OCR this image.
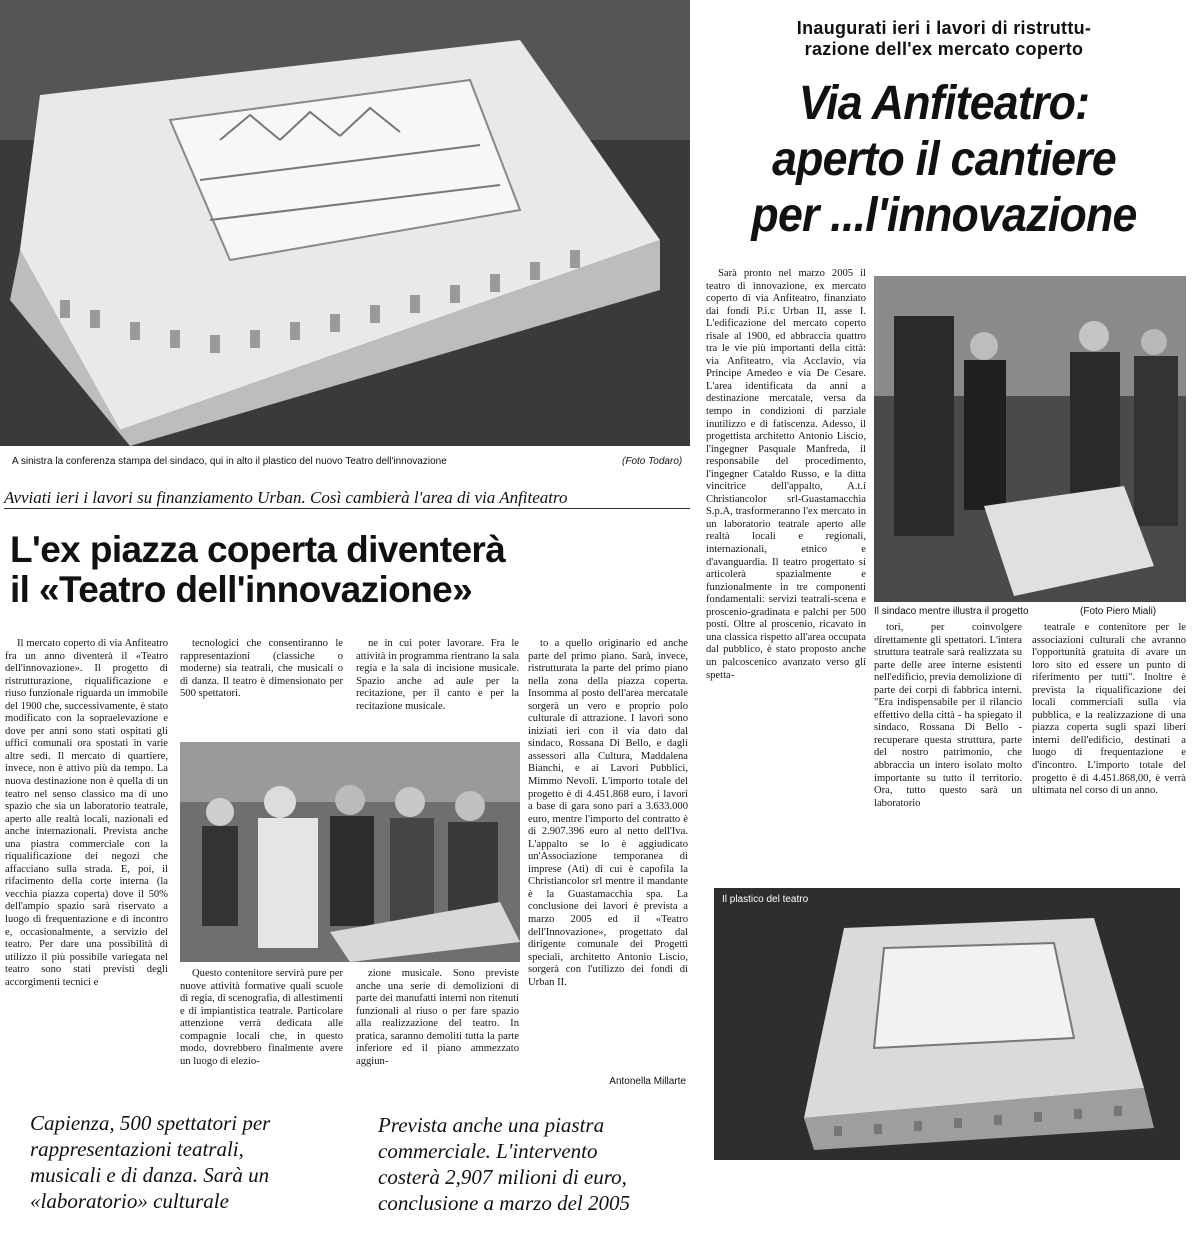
A sinistra la conferenza stampa del sindaco, qui in alto il plastico del nuovo Teatro dell'innovazione	(Foto Todaro)
Avviati ieri i lavori su finanziamento Urban. Così cambierà l'area di via Anfiteatro
L'ex piazza coperta diventerà
il «Teatro dell'innovazione»

Il mercato coperto di via Anfiteatro fra un anno diventerà il «Teatro dell'innovazione». Il progetto di ristrutturazione, riqualificazione e riuso funzionale riguarda un immobile del 1900 che, successivamente, è stato modificato con la sopraelevazione e dove per anni sono stati ospitati gli uffici comunali ora spostati in varie altre sedi. Il mercato di quartiere, invece, non è attivo più da tempo. La nuova destinazione non è quella di un teatro nel senso classico ma di uno spazio che sia un laboratorio teatrale, aperto alle realtà locali, nazionali ed anche internazionali. Prevista anche una piastra commerciale con la riqualificazione dei negozi che affacciano sulla strada. E, poi, il rifacimento della corte interna (la vecchia piazza coperta) dove il 50% dell'ampio spazio sarà riservato a luogo di frequentazione e di incontro e, occasionalmente, a servizio del teatro. Per dare una possibilità di utilizzo il più possibile variegata nel teatro sono stati previsti degli accorgimenti tecnici e

tecnologici che consentiranno le rappresentazioni (classiche o moderne) sia teatrali, che musicali o di danza. Il teatro è dimensionato per 500 spettatori.

ne in cui poter lavorare. Fra le attività in programma rientrano la sala regia e la sala di incisione musicale. Spazio anche ad aule per la recitazione, per il canto e per la recitazione musicale.

to a quello originario ed anche parte del primo piano. Sarà, invece, ristrutturata la parte del primo piano nella zona della piazza coperta. Insomma al posto dell'area mercatale sorgerà un vero e proprio polo culturale di attrazione. I lavori sono iniziati ieri con il via dato dal sindaco, Rossana Di Bello, e dagli assessori alla Cultura, Maddalena Bianchi, e ai Lavori Pubblici, Mimmo Nevoli. L'importo totale del progetto è di 4.451.868 euro, i lavori a base di gara sono pari a 3.633.000 euro, mentre l'importo del contratto è di 2.907.396 euro al netto dell'Iva. L'appalto se lo è aggiudicato un'Associazione temporanea di imprese (Ati) di cui è capofila la Christiancolor srl mentre il mandante è la Guastamacchia spa. La conclusione dei lavori è prevista a marzo 2005 ed il «Teatro dell'Innovazione», progettato dal dirigente comunale dei Progetti speciali, architetto Antonio Liscio, sorgerà con l'utilizzo dei fondi di Urban II.

Questo contenitore servirà pure per nuove attività formative quali scuole di regia, di scenografia, di allestimenti e di impiantistica teatrale. Particolare attenzione verrà dedicata alle compagnie locali che, in questo modo, dovrebbero finalmente avere un luogo di elezio-

zione musicale. Sono previste anche una serie di demolizioni di parte dei manufatti interni non ritenuti funzionali al riuso o per fare spazio alla realizzazione del teatro. In pratica, saranno demoliti tutta la parte inferiore ed il piano ammezzato aggiun-

Antonella Millarte
Inaugurati ieri i lavori di ristruttu-
razione dell'ex mercato coperto
Via Anfiteatro:
aperto il cantiere
per ...l'innovazione

Sarà pronto nel marzo 2005 il teatro di innovazione, ex mercato coperto di via Anfiteatro, finanziato dai fondi P.i.c Urban II, asse I. L'edificazione del mercato coperto risale al 1900, ed abbraccia quattro tra le vie più importanti della città: via Anfiteatro, via Acclavio, via Principe Amedeo e via De Cesare. L'area identificata da anni a destinazione mercatale, versa da tempo in condizioni di parziale inutilizzo e di fatiscenza. Adesso, il progettista architetto Antonio Liscio, l'ingegner Pasquale Manfreda, il responsabile del procedimento, l'ingegner Cataldo Russo, e la ditta vincitrice dell'appalto, A.t.i Christiancolor srl-Guastamacchia S.p.A, trasformeranno l'ex mercato in un laboratorio teatrale aperto alle realtà locali e regionali, internazionali, etnico e d'avanguardia. Il teatro progettato si articolerà spazialmente e funzionalmente in tre componenti fondamentali: servizi teatrali-scena e proscenio-gradinata e palchi per 500 posti. Oltre al proscenio, ricavato in una classica rispetto all'area occupata dal pubblico, è stato proposto anche un palcoscenico avanzato verso gli spetta-

Il sindaco mentre illustra il progetto	(Foto Piero Miali)

tori, per coinvolgere direttamente gli spettatori. L'intera struttura teatrale sarà realizzata su parte delle aree interne esistenti nell'edificio, previa demolizione di parte dei corpi di fabbrica interni. "Era indispensabile per il rilancio effettivo della città - ha spiegato il sindaco, Rossana Di Bello - recuperare questa struttura, parte del nostro patrimonio, che abbraccia un intero isolato molto importante su tutto il territorio. Ora, tutto questo sarà un laboratorio

teatrale e contenitore per le associazioni culturali che avranno l'opportunità gratuita di avare un loro sito ed essere un punto di riferimento per tutti". Inoltre è prevista la riqualificazione dei locali commerciali sulla via pubblica, e la realizzazione di una piazza coperta sugli spazi liberi interni dell'edificio, destinati a luogo di frequentazione e d'incontro. L'importo totale del progetto è di 4.451.868,00, è verrà ultimata nel corso di un anno.

Il plastico del teatro
Capienza, 500 spettatori per
rappresentazioni teatrali,
musicali e di danza. Sarà un
«laboratorio» culturale
Prevista anche una piastra
commerciale. L'intervento
costerà 2,907 milioni di euro,
conclusione a marzo del 2005
